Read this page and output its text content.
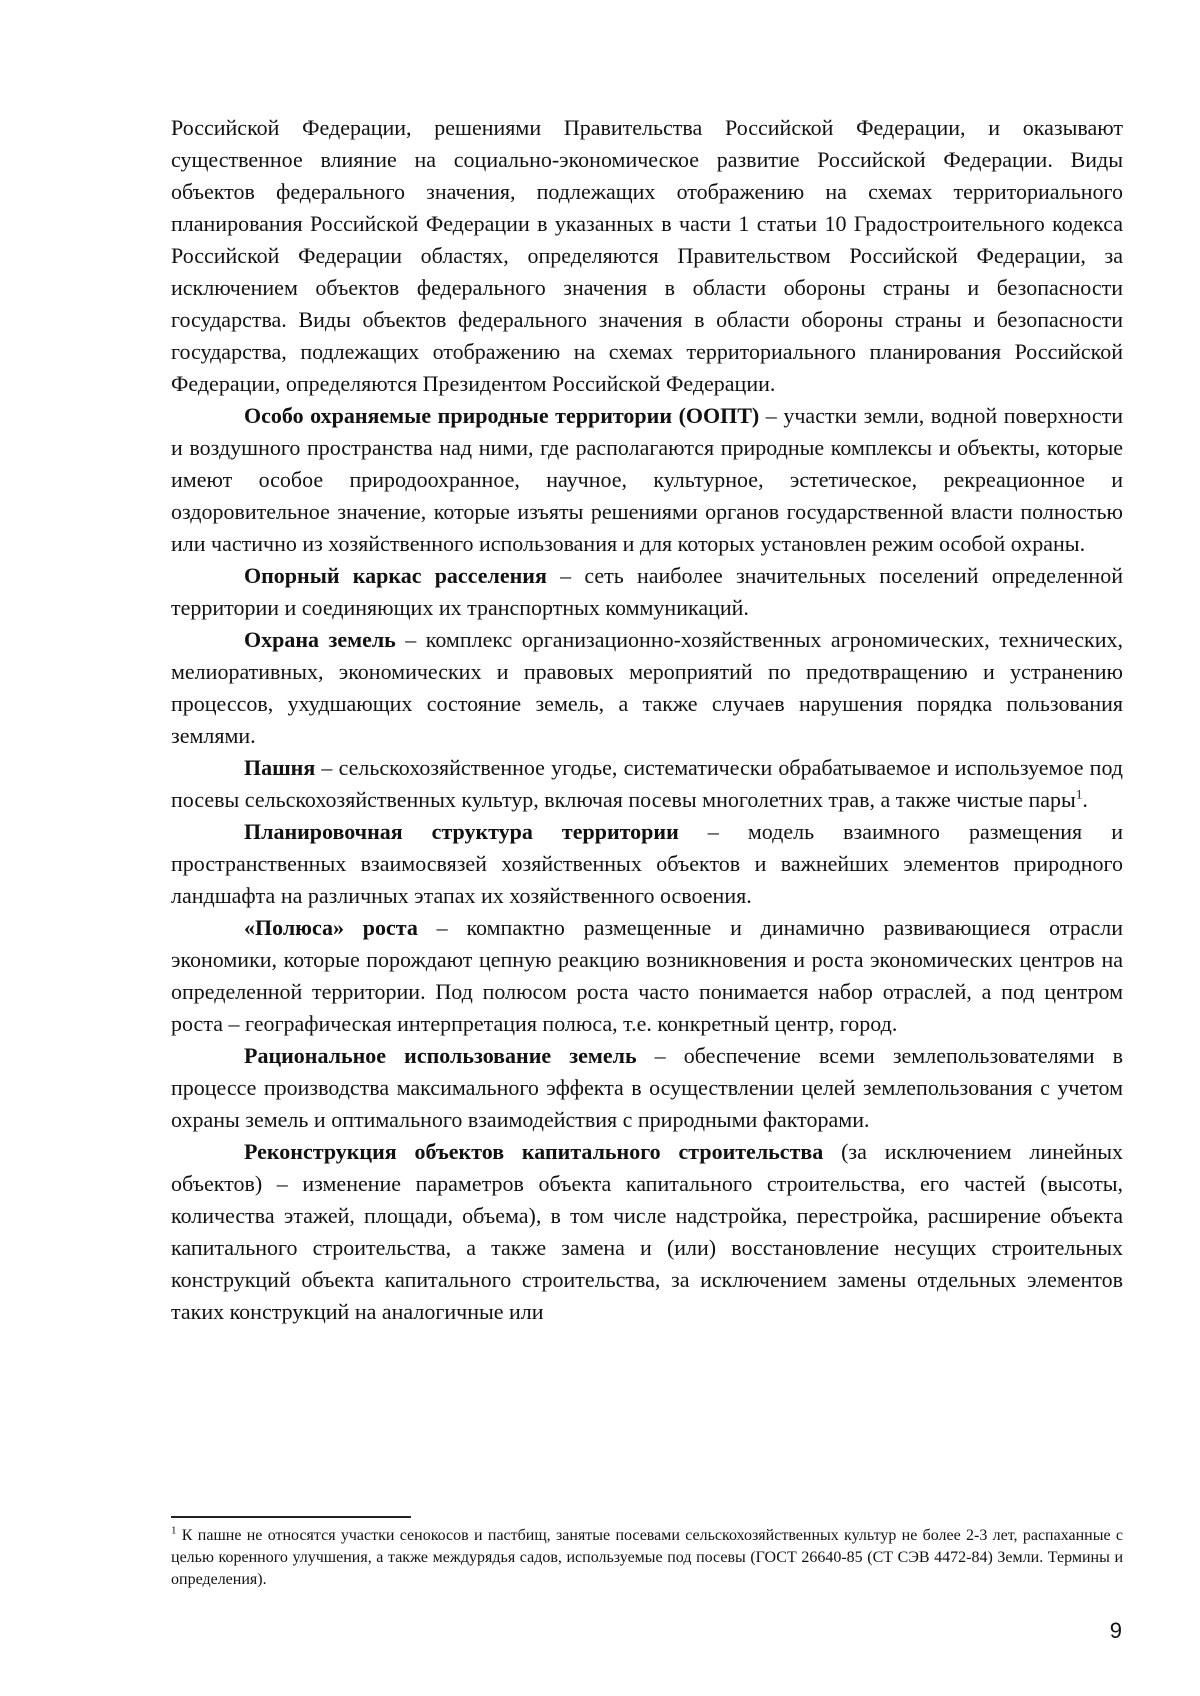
Российской Федерации, решениями Правительства Российской Федерации, и оказывают существенное влияние на социально-экономическое развитие Российской Федерации. Виды объектов федерального значения, подлежащих отображению на схемах территориального планирования Российской Федерации в указанных в части 1 статьи 10 Градостроительного кодекса Российской Федерации областях, определяются Правительством Российской Федерации, за исключением объектов федерального значения в области обороны страны и безопасности государства. Виды объектов федерального значения в области обороны страны и безопасности государства, подлежащих отображению на схемах территориального планирования Российской Федерации, определяются Президентом Российской Федерации.

Особо охраняемые природные территории (ООПТ) – участки земли, водной поверхности и воздушного пространства над ними, где располагаются природные комплексы и объекты, которые имеют особое природоохранное, научное, культурное, эстетическое, рекреационное и оздоровительное значение, которые изъяты решениями органов государственной власти полностью или частично из хозяйственного использования и для которых установлен режим особой охраны.

Опорный каркас расселения – сеть наиболее значительных поселений определенной территории и соединяющих их транспортных коммуникаций.

Охрана земель – комплекс организационно-хозяйственных агрономических, технических, мелиоративных, экономических и правовых мероприятий по предотвращению и устранению процессов, ухудшающих состояние земель, а также случаев нарушения порядка пользования землями.

Пашня – сельскохозяйственное угодье, систематически обрабатываемое и используемое под посевы сельскохозяйственных культур, включая посевы многолетних трав, а также чистые пары$^1$.

Планировочная структура территории – модель взаимного размещения и пространственных взаимосвязей хозяйственных объектов и важнейших элементов природного ландшафта на различных этапах их хозяйственного освоения.

«Полюса» роста – компактно размещенные и динамично развивающиеся отрасли экономики, которые порождают цепную реакцию возникновения и роста экономических центров на определенной территории. Под полюсом роста часто понимается набор отраслей, а под центром роста – географическая интерпретация полюса, т.е. конкретный центр, город.

Рациональное использование земель – обеспечение всеми землепользователями в процессе производства максимального эффекта в осуществлении целей землепользования с учетом охраны земель и оптимального взаимодействия с природными факторами.

Реконструкция объектов капитального строительства (за исключением линейных объектов) – изменение параметров объекта капитального строительства, его частей (высоты, количества этажей, площади, объема), в том числе надстройка, перестройка, расширение объекта капитального строительства, а также замена и (или) восстановление несущих строительных конструкций объекта капитального строительства, за исключением замены отдельных элементов таких конструкций на аналогичные или

$^1$ К пашне не относятся участки сенокосов и пастбищ, занятые посевами сельскохозяйственных культур не более 2-3 лет, распаханные с целью коренного улучшения, а также междурядья садов, используемые под посевы (ГОСТ 26640-85 (СТ СЭВ 4472-84) Земли. Термины и определения).

9
